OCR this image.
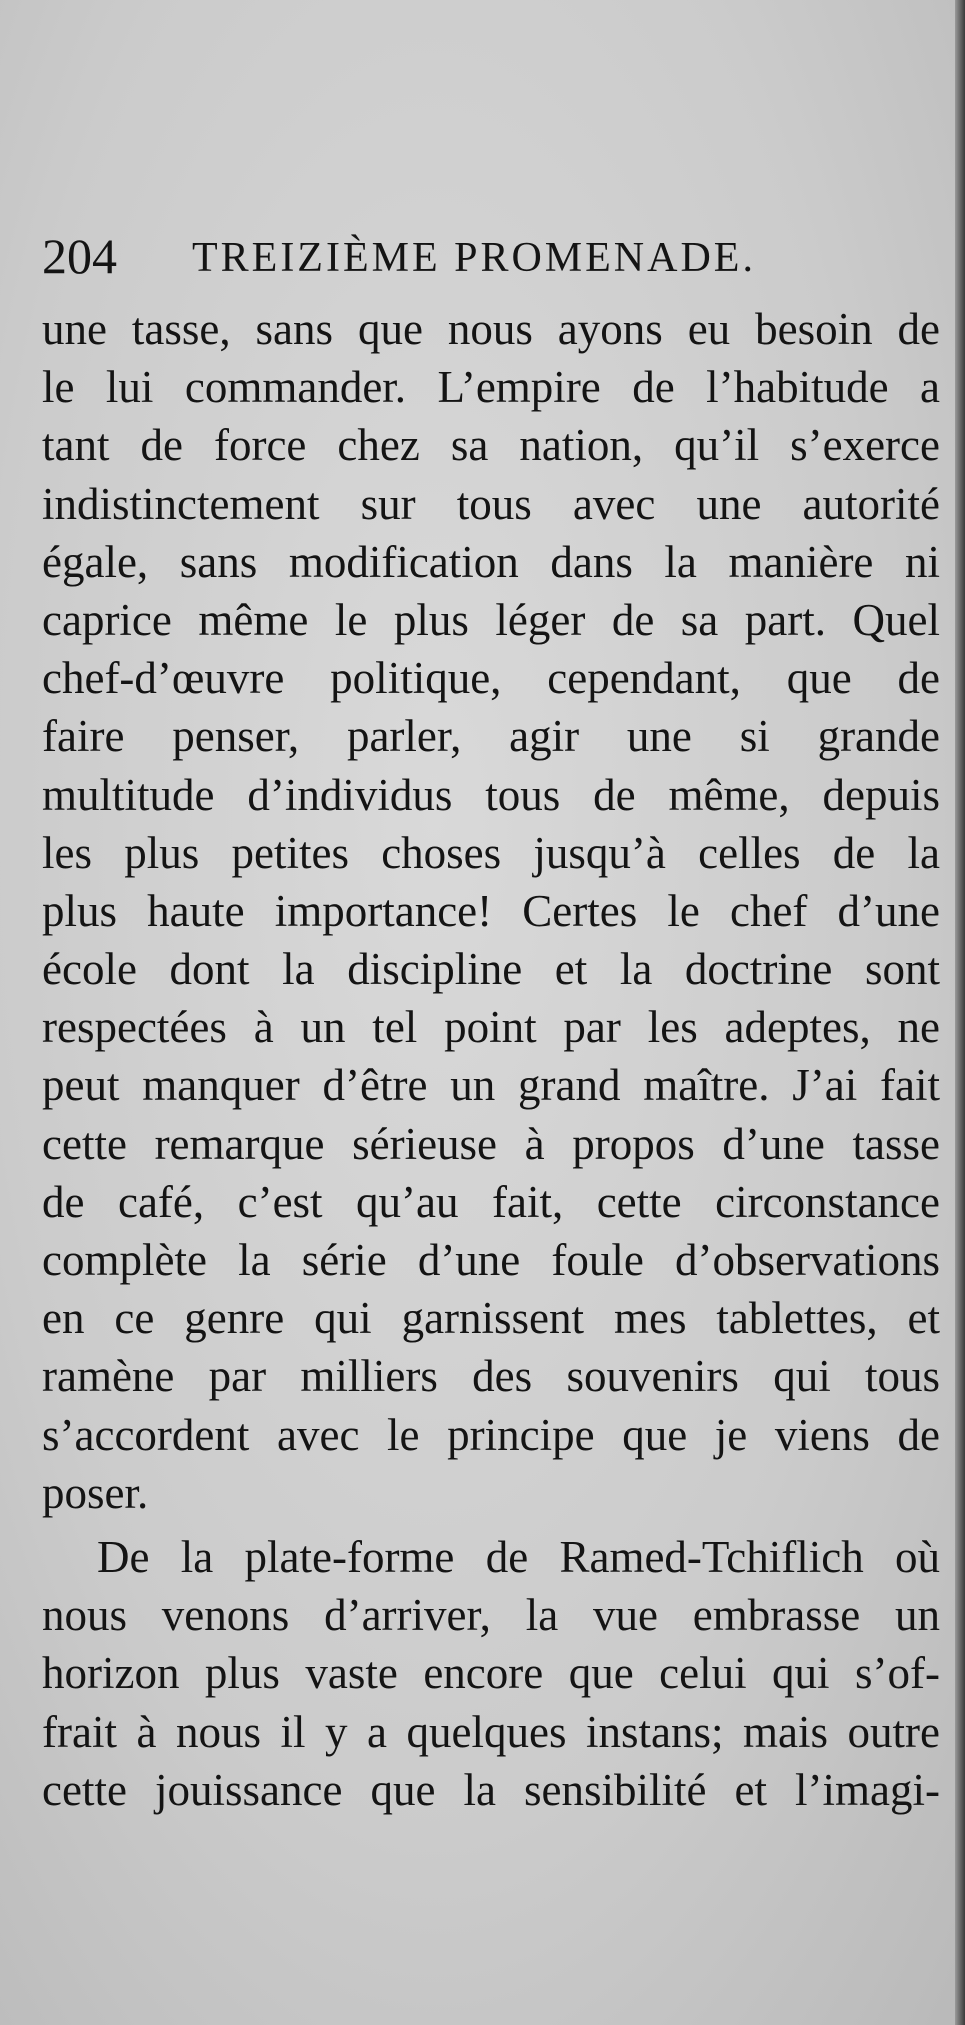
204 TREIZIÈME PROMENADE.
une tasse, sans que nous ayons eu besoin de
le lui commander. L’empire de l’habitude a
tant de force chez sa nation, qu’il s’exerce
indistinctement sur tous avec une autorité
égale, sans modification dans la manière ni
caprice même le plus léger de sa part. Quel
chef-d’œuvre politique, cependant, que de
faire penser, parler, agir une si grande
multitude d’individus tous de même, depuis
les plus petites choses jusqu’à celles de la
plus haute importance! Certes le chef d’une
école dont la discipline et la doctrine sont
respectées à un tel point par les adeptes, ne
peut manquer d’être un grand maître. J’ai fait
cette remarque sérieuse à propos d’une tasse
de café, c’est qu’au fait, cette circonstance
complète la série d’une foule d’observations
en ce genre qui garnissent mes tablettes, et
ramène par milliers des souvenirs qui tous
s’accordent avec le principe que je viens de
poser.
De la plate-forme de Ramed-Tchiflich où
nous venons d’arriver, la vue embrasse un
horizon plus vaste encore que celui qui s’of-
frait à nous il y a quelques instans; mais outre
cette jouissance que la sensibilité et l’imagi-
